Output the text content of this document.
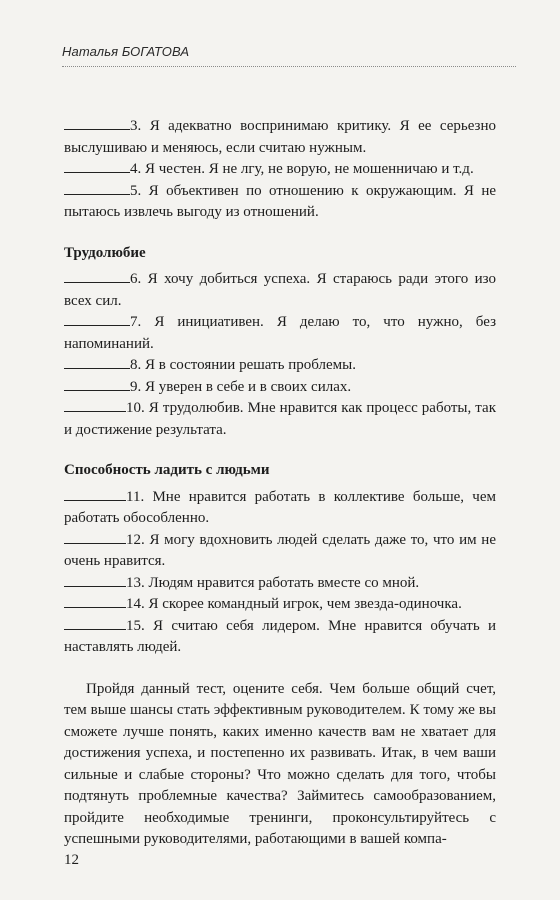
Наталья БОГАТОВА

3. Я адекватно воспринимаю критику. Я ее серьезно выслушиваю и меняюсь, если считаю нужным.

4. Я честен. Я не лгу, не ворую, не мошенничаю и т.д.

5. Я объективен по отношению к окружающим. Я не пытаюсь извлечь выгоду из отношений.

Трудолюбие

6. Я хочу добиться успеха. Я стараюсь ради этого изо всех сил.

7. Я инициативен. Я делаю то, что нужно, без напоминаний.

8. Я в состоянии решать проблемы.

9. Я уверен в себе и в своих силах.

10. Я трудолюбив. Мне нравится как процесс работы, так и достижение результата.

Способность ладить с людьми

11. Мне нравится работать в коллективе больше, чем работать обособленно.

12. Я могу вдохновить людей сделать даже то, что им не очень нравится.

13. Людям нравится работать вместе со мной.

14. Я скорее командный игрок, чем звезда-одиночка.

15. Я считаю себя лидером. Мне нравится обучать и наставлять людей.

Пройдя данный тест, оцените себя. Чем больше общий счет, тем выше шансы стать эффективным руководителем. К тому же вы сможете лучше понять, каких именно качеств вам не хватает для достижения успеха, и постепенно их развивать. Итак, в чем ваши сильные и слабые стороны? Что можно сделать для того, чтобы подтянуть проблемные качества? Займитесь самообразованием, пройдите необходимые тренинги, проконсультируйтесь с успешными руководителями, работающими в вашей компа-

12
